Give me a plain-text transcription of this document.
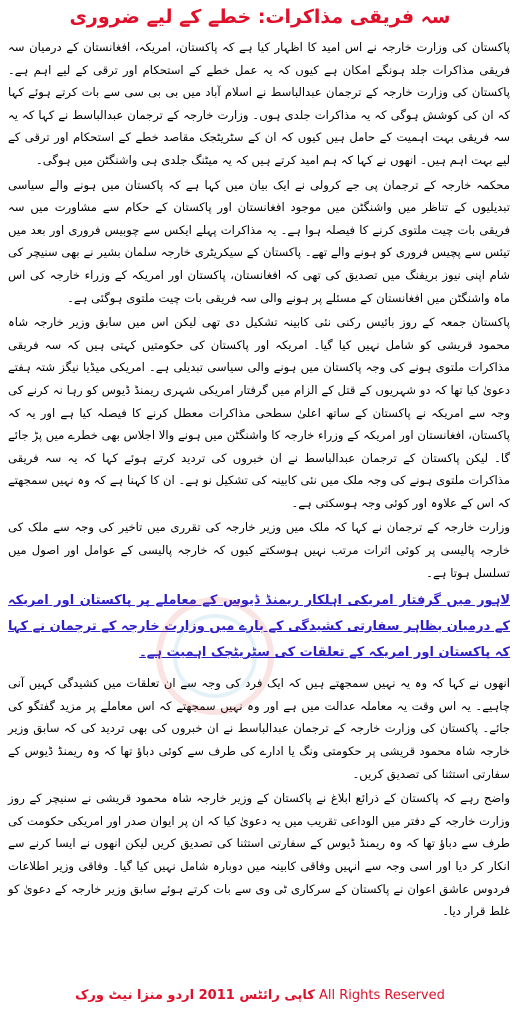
سہ فریقی مذاکرات: خطے کے لیے ضروری

پاکستان کی وزارت خارجہ نے اس امید کا اظہار کیا ہے کہ پاکستان، امریکہ، افغانستان کے درمیان سہ فریقی مذاکرات جلد ہونگے امکان ہے کیوں کہ یہ عمل خطے کے استحکام اور ترقی کے لیے اہم ہے۔ پاکستان کی وزارت خارجہ کے ترجمان عبدالباسط نے اسلام آباد میں بی بی سی سے بات کرتے ہوئے کہا کہ ان کی کوشش ہوگی کہ یہ مذاکرات جلدی ہوں۔ وزارت خارجہ کے ترجمان عبدالباسط نے کہا کہ یہ سہ فریقی بہت اہمیت کے حامل ہیں کیوں کہ ان کے سٹریٹجک مقاصد خطے کے استحکام اور ترقی کے لیے بہت اہم ہیں۔ انھوں نے کہا کہ ہم امید کرتے ہیں کہ یہ میٹنگ جلدی ہی واشنگٹن میں ہوگی۔

محکمہ خارجہ کے ترجمان پی جے کرولی نے ایک بیان میں کہا ہے کہ پاکستان میں ہونے والے سیاسی تبدیلیوں کے تناظر میں واشنگٹن میں موجود افغانستان اور پاکستان کے حکام سے مشاورت میں سہ فریقی بات چیت ملتوی کرنے کا فیصلہ ہوا ہے۔ یہ مذاکرات پہلے ایکس سے چوبیس فروری اور بعد میں تیئس سے پچیس فروری کو ہونے والے تھے۔ پاکستان کے سیکریٹری خارجہ سلمان بشیر نے بھی سنیچر کی شام اپنی نیوز بریفنگ میں تصدیق کی تھی کہ افغانستان، پاکستان اور امریکہ کے وزراء خارجہ کی اس ماہ واشنگٹن میں افغانستان کے مسئلے پر ہونے والی سہ فریقی بات چیت ملتوی ہوگئی ہے۔

پاکستان جمعہ کے روز بائیس رکنی نئی کابینہ تشکیل دی تھی لیکن اس میں سابق وزیر خارجہ شاہ محمود قریشی کو شامل نہیں کیا گیا۔ امریکہ اور پاکستان کی حکومتیں کہتی ہیں کہ سہ فریقی مذاکرات ملتوی ہونے کی وجہ پاکستان میں ہونے والی سیاسی تبدیلی ہے۔ امریکی میڈیا نیگز شتہ ہفتے دعویٰ کیا تھا کہ دو شہریوں کے قتل کے الزام میں گرفتار امریکی شہری ریمنڈ ڈیوس کو رہا نہ کرنے کی وجہ سے امریکہ نے پاکستان کے ساتھ اعلیٰ سطحی مذاکرات معطل کرنے کا فیصلہ کیا ہے اور یہ کہ پاکستان، افغانستان اور امریکہ کے وزراء خارجہ کا واشنگٹن میں ہونے والا اجلاس بھی خطرے میں پڑ جائے گا۔ لیکن پاکستان کے ترجمان عبدالباسط نے ان خبروں کی تردید کرتے ہوئے کہا کہ یہ سہ فریقی مذاکرات ملتوی ہونے کی وجہ ملک میں نئی کابینہ کی تشکیل نو ہے۔ ان کا کہنا ہے کہ وہ نہیں سمجھتے کہ اس کے علاوہ اور کوئی وجہ ہوسکتی ہے۔

وزارت خارجہ کے ترجمان نے کہا کہ ملک میں وزیر خارجہ کی تقرری میں تاخیر کی وجہ سے ملک کی خارجہ پالیسی پر کوئی اثرات مرتب نہیں ہوسکتے کیوں کہ خارجہ پالیسی کے عوامل اور اصول میں تسلسل ہوتا ہے۔

لاہور میں گرفتار امریکی اہلکار ریمنڈ ڈیوس کے معاملے پر پاکستان اور امریکہ کے درمیان بظاہر سفارتی کشیدگی کے بارے میں وزارت خارجہ کے ترجمان نے کہا کہ پاکستان اور امریکہ کے تعلقات کی سٹریٹجک اہمیت ہے۔

انھوں نے کہا کہ وہ یہ نہیں سمجھتے ہیں کہ ایک فرد کی وجہ سے ان تعلقات میں کشیدگی کہیں آنی چاہیے۔ یہ اس وقت یہ معاملہ عدالت میں ہے اور وہ نہیں سمجھتے کہ اس معاملے پر مزید گفتگو کی جائے۔ پاکستان کی وزارت خارجہ کے ترجمان عبدالباسط نے ان خبروں کی بھی تردید کی کہ سابق وزیر خارجہ شاہ محمود قریشی پر حکومتی ونگ یا ادارے کی طرف سے کوئی دباؤ تھا کہ وہ ریمنڈ ڈیوس کے سفارتی استثنا کی تصدیق کریں۔

واضح رہے کہ پاکستان کے ذرائع ابلاغ نے پاکستان کے وزیر خارجہ شاہ محمود قریشی نے سنیچر کے روز وزارت خارجہ کے دفتر میں الوداعی تقریب میں یہ دعویٰ کیا کہ ان پر ایوان صدر اور امریکی حکومت کی طرف سے دباؤ تھا کہ وہ ریمنڈ ڈیوس کے سفارتی استثنا کی تصدیق کریں لیکن انھوں نے ایسا کرنے سے انکار کر دیا اور اسی وجہ سے انہیں وفاقی کابینہ میں دوبارہ شامل نہیں کیا گیا۔ وفاقی وزیر اطلاعات فردوس عاشق اعوان نے پاکستان کے سرکاری ٹی وی سے بات کرتے ہوئے سابق وزیر خارجہ کے دعویٰ کو غلط قرار دیا۔

کاپی رائٹس 2011 اردو منزا نیٹ ورک All Rights Reserved
